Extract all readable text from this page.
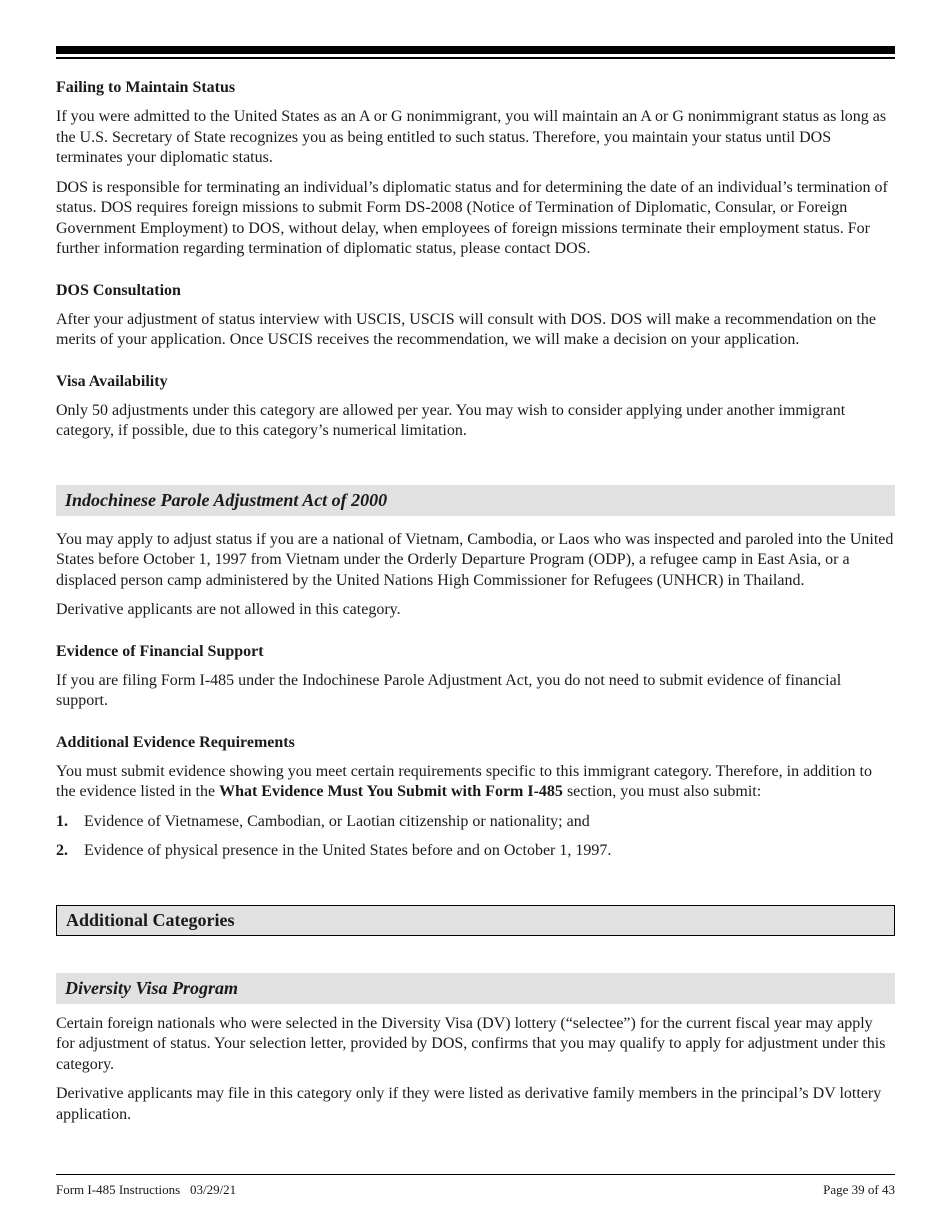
Failing to Maintain Status

If you were admitted to the United States as an A or G nonimmigrant, you will maintain an A or G nonimmigrant status as long as the U.S. Secretary of State recognizes you as being entitled to such status. Therefore, you maintain your status until DOS terminates your diplomatic status.

DOS is responsible for terminating an individual’s diplomatic status and for determining the date of an individual’s termination of status. DOS requires foreign missions to submit Form DS-2008 (Notice of Termination of Diplomatic, Consular, or Foreign Government Employment) to DOS, without delay, when employees of foreign missions terminate their employment status. For further information regarding termination of diplomatic status, please contact DOS.

DOS Consultation

After your adjustment of status interview with USCIS, USCIS will consult with DOS. DOS will make a recommendation on the merits of your application. Once USCIS receives the recommendation, we will make a decision on your application.

Visa Availability

Only 50 adjustments under this category are allowed per year. You may wish to consider applying under another immigrant category, if possible, due to this category’s numerical limitation.

Indochinese Parole Adjustment Act of 2000

You may apply to adjust status if you are a national of Vietnam, Cambodia, or Laos who was inspected and paroled into the United States before October 1, 1997 from Vietnam under the Orderly Departure Program (ODP), a refugee camp in East Asia, or a displaced person camp administered by the United Nations High Commissioner for Refugees (UNHCR) in Thailand.

Derivative applicants are not allowed in this category.

Evidence of Financial Support

If you are filing Form I-485 under the Indochinese Parole Adjustment Act, you do not need to submit evidence of financial support.

Additional Evidence Requirements

You must submit evidence showing you meet certain requirements specific to this immigrant category. Therefore, in addition to the evidence listed in the What Evidence Must You Submit with Form I-485 section, you must also submit:

1.	Evidence of Vietnamese, Cambodian, or Laotian citizenship or nationality; and
2.	Evidence of physical presence in the United States before and on October 1, 1997.
Additional Categories
Diversity Visa Program

Certain foreign nationals who were selected in the Diversity Visa (DV) lottery (“selectee”) for the current fiscal year may apply for adjustment of status. Your selection letter, provided by DOS, confirms that you may qualify to apply for adjustment under this category.

Derivative applicants may file in this category only if they were listed as derivative family members in the principal’s DV lottery application.

Form I-485 Instructions   03/29/21	Page 39 of 43
